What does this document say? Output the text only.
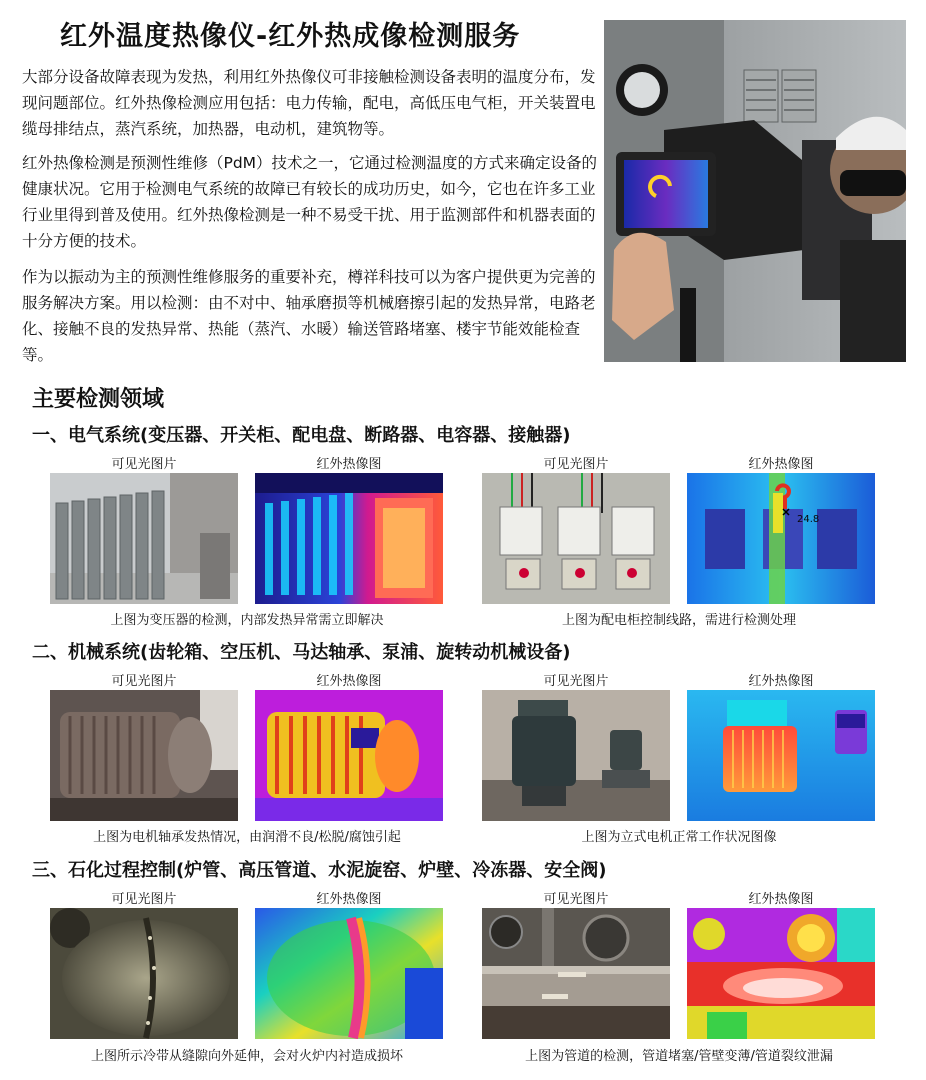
红外温度热像仪-红外热成像检测服务

大部分设备故障表现为发热，利用红外热像仪可非接触检测设备表明的温度分布，发现问题部位。红外热像检测应用包括：电力传输，配电，高低压电气柜，开关装置电缆母排结点，蒸汽系统，加热器，电动机，建筑物等。

红外热像检测是预测性维修（PdM）技术之一，它通过检测温度的方式来确定设备的健康状况。它用于检测电气系统的故障已有较长的成功历史，如今，它也在许多工业行业里得到普及使用。红外热像检测是一种不易受干扰、用于监测部件和机器表面的十分方便的技术。

作为以振动为主的预测性维修服务的重要补充，樽祥科技可以为客户提供更为完善的服务解决方案。用以检测：由不对中、轴承磨损等机械磨擦引起的发热异常，电路老化、接触不良的发热异常、热能（蒸汽、水暖）输送管路堵塞、楼宇节能效能检查等。

主要检测领域
一、电气系统(变压器、开关柜、配电盘、断路器、电容器、接触器)
可见光图片	红外热像图	可见光图片	红外热像图
24.8
上图为变压器的检测，内部发热异常需立即解决	上图为配电柜控制线路，需进行检测处理
二、机械系统(齿轮箱、空压机、马达轴承、泵浦、旋转动机械设备)
可见光图片	红外热像图	可见光图片	红外热像图
上图为电机轴承发热情况，由润滑不良/松脱/腐蚀引起	上图为立式电机正常工作状况图像
三、石化过程控制(炉管、高压管道、水泥旋窑、炉壁、冷冻器、安全阀)
可见光图片	红外热像图	可见光图片	红外热像图
上图所示冷带从缝隙向外延伸，会对火炉内衬造成损坏	上图为管道的检测，管道堵塞/管壁变薄/管道裂纹泄漏
